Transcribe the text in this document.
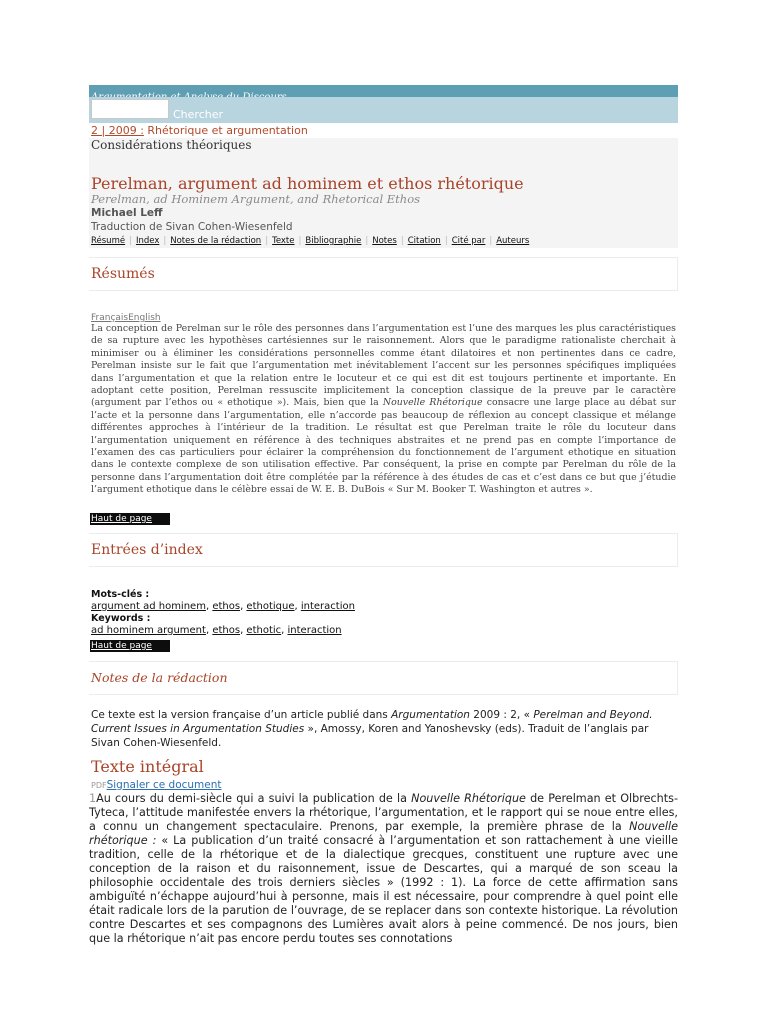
Chercher
2 | 2009 : Rhétorique et argumentation
Considérations théoriques
Perelman, argument ad hominem et ethos rhétorique
Perelman, ad Hominem Argument, and Rhetorical Ethos
Michael Leff
Traduction de Sivan Cohen-Wiesenfeld
Résumé | Index | Notes de la rédaction | Texte | Bibliographie | Notes | Citation | Cité par | Auteurs
Résumés
FrançaisEnglish
La conception de Perelman sur le rôle des personnes dans l’argumentation est l’une des marques les plus caractéristiques de sa rupture avec les hypothèses cartésiennes sur le raisonnement. Alors que le paradigme rationaliste cherchait à minimiser ou à éliminer les considérations personnelles comme étant dilatoires et non pertinentes dans ce cadre, Perelman insiste sur le fait que l’argumentation met inévitablement l’accent sur les personnes spécifiques impliquées dans l’argumentation et que la relation entre le locuteur et ce qui est dit est toujours pertinente et importante. En adoptant cette position, Perelman ressuscite implicitement la conception classique de la preuve par le caractère (argument par l’ethos ou « ethotique »). Mais, bien que la Nouvelle Rhétorique consacre une large place au débat sur l’acte et la personne dans l’argumentation, elle n’accorde pas beaucoup de réflexion au concept classique et mélange différentes approches à l’intérieur de la tradition. Le résultat est que Perelman traite le rôle du locuteur dans l’argumentation uniquement en référence à des techniques abstraites et ne prend pas en compte l’importance de l’examen des cas particuliers pour éclairer la compréhension du fonctionnement de l’argument ethotique en situation dans le contexte complexe de son utilisation effective. Par conséquent, la prise en compte par Perelman du rôle de la personne dans l’argumentation doit être complétée par la référence à des études de cas et c’est dans ce but que j’étudie l’argument ethotique dans le célèbre essai de W. E. B. DuBois « Sur M. Booker T. Washington et autres ».
Haut de page
Entrées d’index
Mots-clés :
argument ad hominem, ethos, ethotique, interaction
Keywords :
ad hominem argument, ethos, ethotic, interaction
Haut de page
Notes de la rédaction
Ce texte est la version française d’un article publié dans Argumentation 2009 : 2, « Perelman and Beyond. Current Issues in Argumentation Studies », Amossy, Koren and Yanoshevsky (eds). Traduit de l’anglais par Sivan Cohen-Wiesenfeld.
Texte intégral
PDFSignaler ce document
1Au cours du demi-siècle qui a suivi la publication de la Nouvelle Rhétorique de Perelman et Olbrechts-Tyteca, l’attitude manifestée envers la rhétorique, l’argumentation, et le rapport qui se noue entre elles, a connu un changement spectaculaire. Prenons, par exemple, la première phrase de la Nouvelle rhétorique : « La publication d’un traité consacré à l’argumentation et son rattachement à une vieille tradition, celle de la rhétorique et de la dialectique grecques, constituent une rupture avec une conception de la raison et du raisonnement, issue de Descartes, qui a marqué de son sceau la philosophie occidentale des trois derniers siècles » (1992 : 1). La force de cette affirmation sans ambiguïté n’échappe aujourd’hui à personne, mais il est nécessaire, pour comprendre à quel point elle était radicale lors de la parution de l’ouvrage, de se replacer dans son contexte historique. La révolution contre Descartes et ses compagnons des Lumières avait alors à peine commencé. De nos jours, bien que la rhétorique n’ait pas encore perdu toutes ses connotations
